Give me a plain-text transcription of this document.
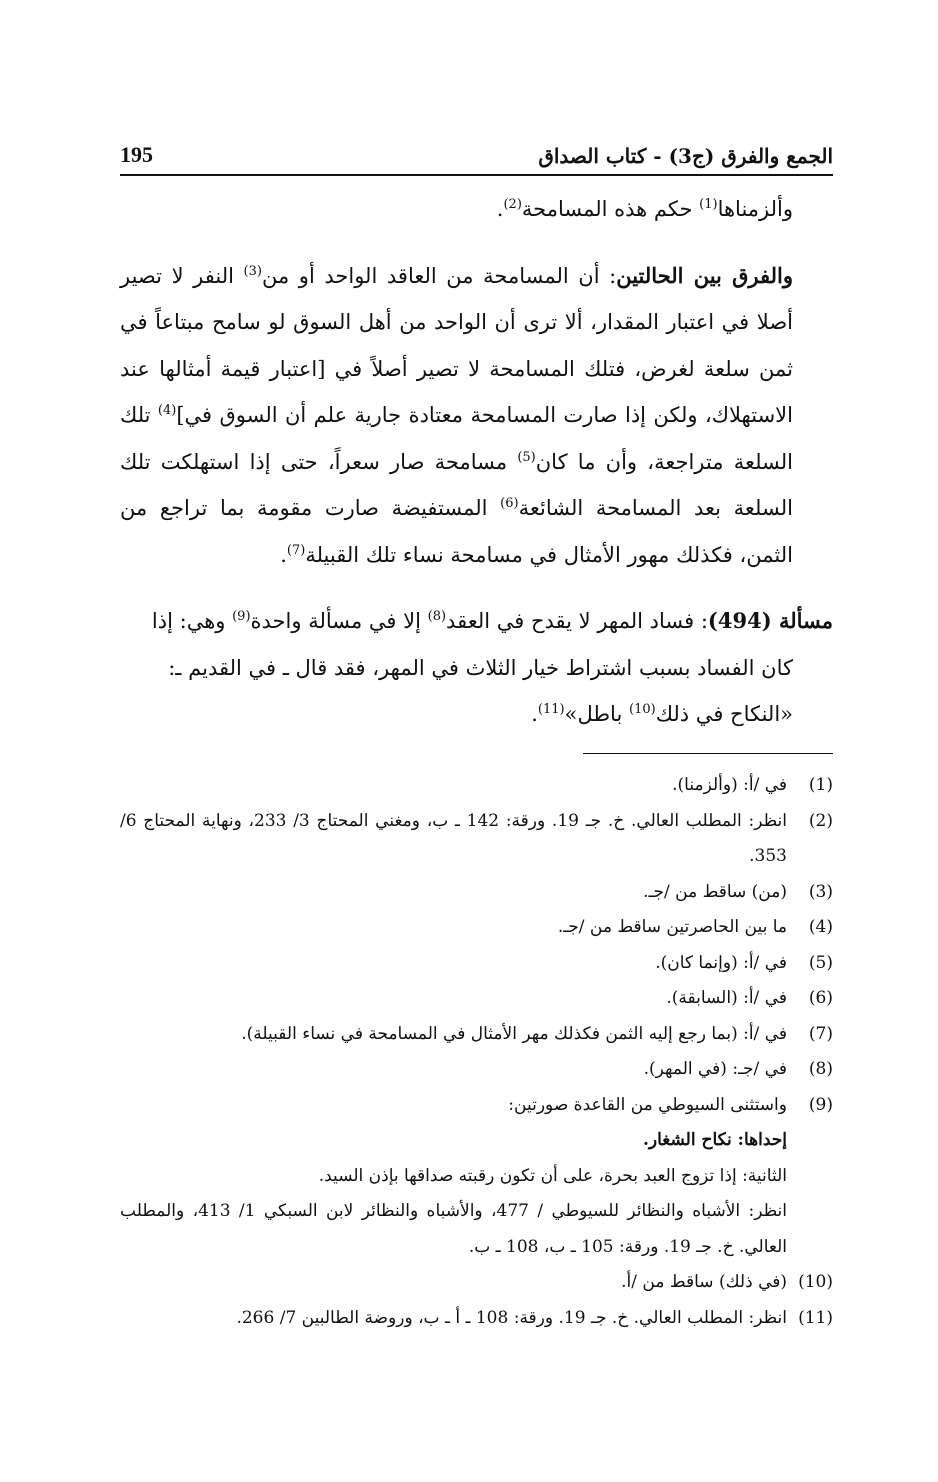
الجمع والفرق (ج3) - كتاب الصداق
195

وألزمناها$^{(1)}$ حكم هذه المسامحة$^{(2)}$.

والفرق بين الحالتين: أن المسامحة من العاقد الواحد أو من$^{(3)}$ النفر لا تصير أصلا في اعتبار المقدار، ألا ترى أن الواحد من أهل السوق لو سامح مبتاعاً في ثمن سلعة لغرض، فتلك المسامحة لا تصير أصلاً في [اعتبار قيمة أمثالها عند الاستهلاك، ولكن إذا صارت المسامحة معتادة جارية علم أن السوق في]$^{(4)}$ تلك السلعة متراجعة، وأن ما كان$^{(5)}$ مسامحة صار سعراً، حتى إذا استهلكت تلك السلعة بعد المسامحة الشائعة$^{(6)}$ المستفيضة صارت مقومة بما تراجع من الثمن، فكذلك مهور الأمثال في مسامحة نساء تلك القبيلة$^{(7)}$.

مسألة (494): فساد المهر لا يقدح في العقد$^{(8)}$ إلا في مسألة واحدة$^{(9)}$ وهي: إذا

كان الفساد بسبب اشتراط خيار الثلاث في المهر، فقد قال ـ في القديم ـ:

«النكاح في ذلك$^{(10)}$ باطل»$^{(11)}$.

(1)
في /أ: (وألزمنا).
(2)
انظر: المطلب العالي. خ. جـ 19. ورقة: 142 ـ ب، ومغني المحتاج 3/ 233، ونهاية المحتاج 6/ 353.
(3)
(من) ساقط من /جـ.
(4)
ما بين الحاصرتين ساقط من /جـ.
(5)
في /أ: (وإنما كان).
(6)
في /أ: (السابقة).
(7)
في /أ: (بما رجع إليه الثمن فكذلك مهر الأمثال في المسامحة في نساء القبيلة).
(8)
في /جـ: (في المهر).
(9)
واستثنى السيوطي من القاعدة صورتين:
إحداها: نكاح الشغار.
الثانية: إذا تزوج العبد بحرة، على أن تكون رقبته صداقها بإذن السيد.
انظر: الأشباه والنظائر للسيوطي / 477، والأشباه والنظائر لابن السبكي 1/ 413، والمطلب العالي. خ. جـ 19. ورقة: 105 ـ ب، 108 ـ ب.
(10)
(في ذلك) ساقط من /أ.
(11)
انظر: المطلب العالي. خ. جـ 19. ورقة: 108 ـ أ ـ ب، وروضة الطالبين 7/ 266.
